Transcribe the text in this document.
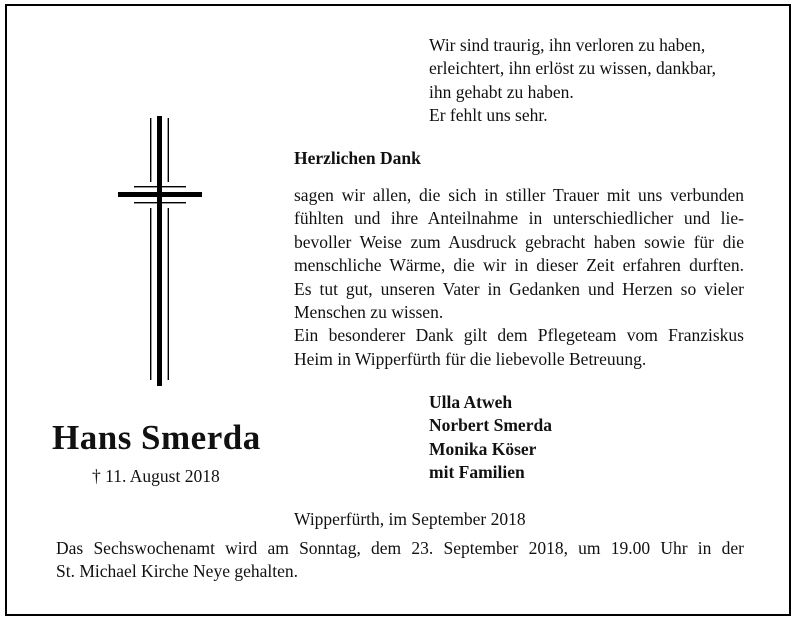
Wir sind traurig, ihn verloren zu haben,
erleichtert, ihn erlöst zu wissen, dankbar,
ihn gehabt zu haben.
Er fehlt uns sehr.
Herzlichen Dank
sagen wir allen, die sich in stiller Trauer mit uns verbunden
fühlten und ihre Anteilnahme in unterschiedlicher und lie-
bevoller Weise zum Ausdruck gebracht haben sowie für die
menschliche Wärme, die wir in dieser Zeit erfahren durften.
Es tut gut, unseren Vater in Gedanken und Herzen so vieler
Menschen zu wissen.
Ein besonderer Dank gilt dem Pflegeteam vom Franziskus
Heim in Wipperfürth für die liebevolle Betreuung.
Ulla Atweh
Norbert Smerda
Monika Köser
mit Familien
Hans Smerda
† 11. August 2018
Wipperfürth, im September 2018
Das Sechswochenamt wird am Sonntag, dem 23. September 2018, um 19.00 Uhr in der
St. Michael Kirche Neye gehalten.
